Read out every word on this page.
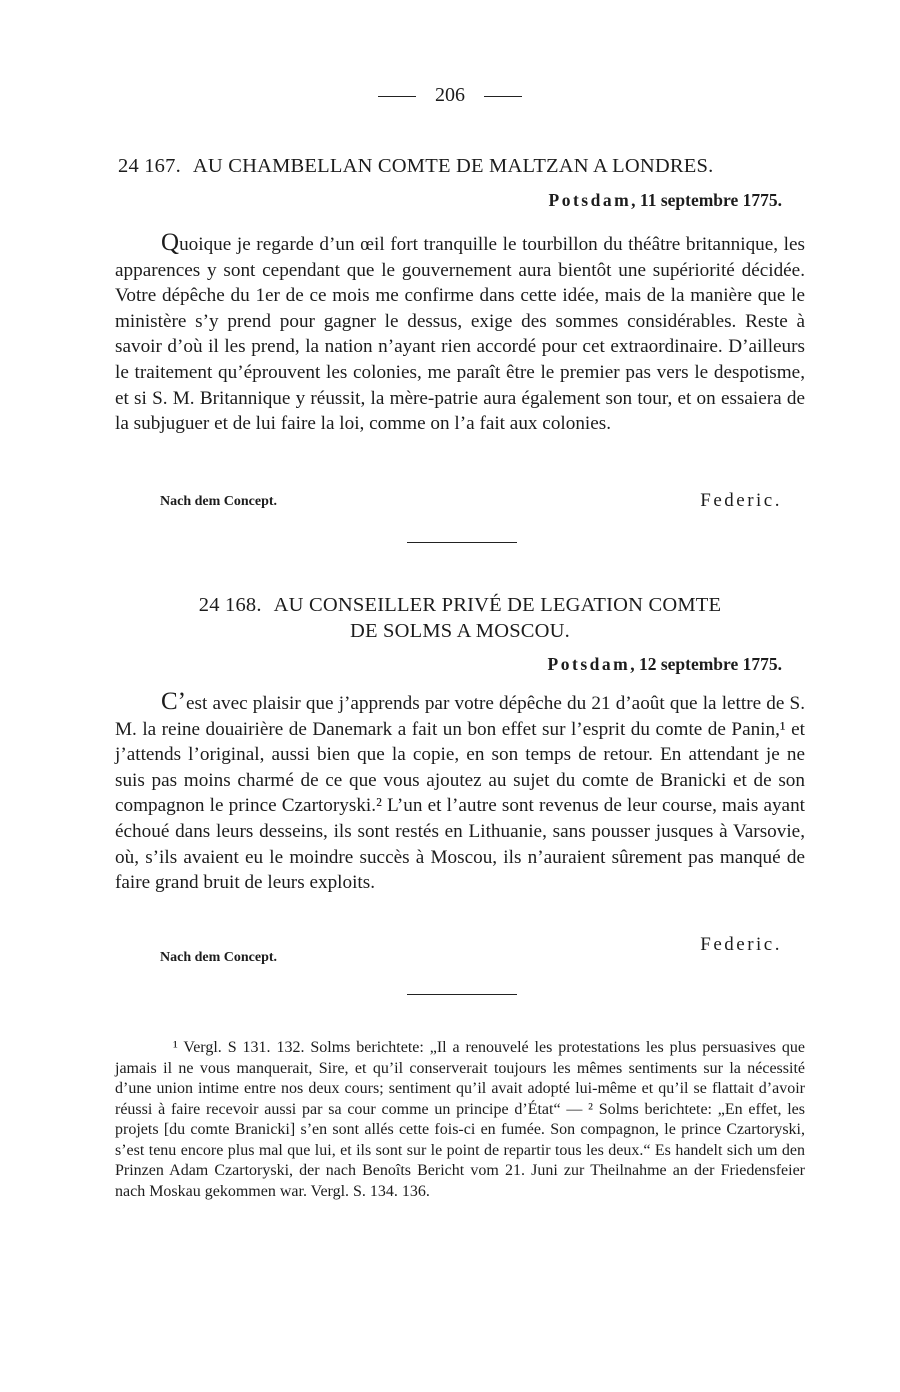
206
24 167. AU CHAMBELLAN COMTE DE MALTZAN A LONDRES.
Potsdam, 11 septembre 1775.
Quoique je regarde d’un œil fort tranquille le tourbillon du théâtre britannique, les apparences y sont cependant que le gouvernement aura bientôt une supériorité décidée. Votre dépêche du 1er de ce mois me confirme dans cette idée, mais de la manière que le ministère s’y prend pour gagner le dessus, exige des sommes considérables. Reste à savoir d’où il les prend, la nation n’ayant rien accordé pour cet extraordinaire. D’ailleurs le traitement qu’éprouvent les colonies, me paraît être le premier pas vers le despotisme, et si S. M. Britannique y réussit, la mère-patrie aura également son tour, et on essaiera de la subjuguer et de lui faire la loi, comme on l’a fait aux colonies.
Nach dem Concept.	Federic.
24 168. AU CONSEILLER PRIVÉ DE LEGATION COMTE
DE SOLMS A MOSCOU.
Potsdam, 12 septembre 1775.
C’est avec plaisir que j’apprends par votre dépêche du 21 d’août que la lettre de S. M. la reine douairière de Danemark a fait un bon effet sur l’esprit du comte de Panin,¹ et j’attends l’original, aussi bien que la copie, en son temps de retour. En attendant je ne suis pas moins charmé de ce que vous ajoutez au sujet du comte de Branicki et de son compagnon le prince Czartoryski.² L’un et l’autre sont revenus de leur course, mais ayant échoué dans leurs desseins, ils sont restés en Lithuanie, sans pousser jusques à Varsovie, où, s’ils avaient eu le moindre succès à Moscou, ils n’auraient sûrement pas manqué de faire grand bruit de leurs exploits.
Federic.
Nach dem Concept.

¹ Vergl. S 131. 132. Solms berichtete: „Il a renouvelé les protestations les plus persuasives que jamais il ne vous manquerait, Sire, et qu’il conserverait toujours les mêmes sentiments sur la nécessité d’une union intime entre nos deux cours; sentiment qu’il avait adopté lui-même et qu’il se flattait d’avoir réussi à faire recevoir aussi par sa cour comme un principe d’État“ — ² Solms berichtete: „En effet, les projets [du comte Branicki] s’en sont allés cette fois-ci en fumée. Son compagnon, le prince Czartoryski, s’est tenu encore plus mal que lui, et ils sont sur le point de repartir tous les deux.“ Es handelt sich um den Prinzen Adam Czartoryski, der nach Benoîts Bericht vom 21. Juni zur Theilnahme an der Friedensfeier nach Moskau gekommen war. Vergl. S. 134. 136.
